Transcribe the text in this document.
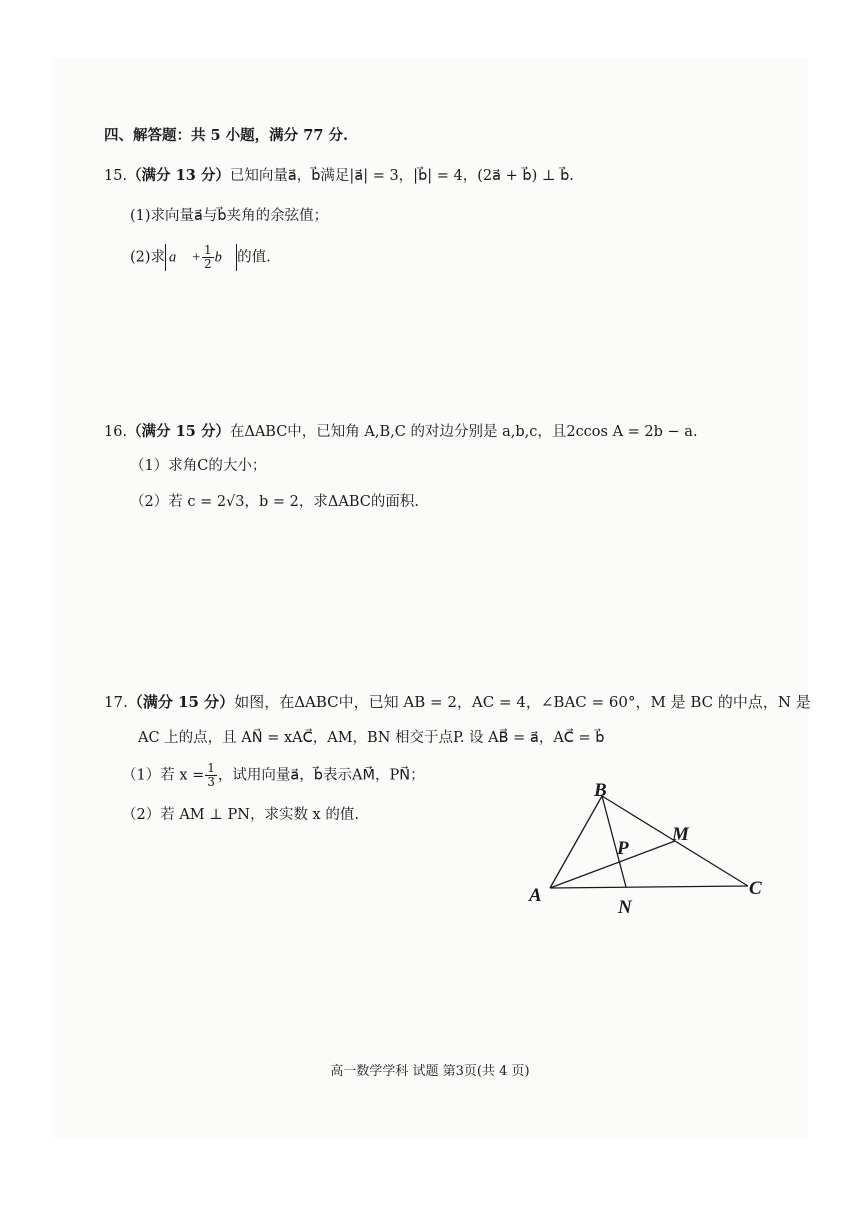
四、解答题：共 5 小题，满分 77 分.
15.（满分 13 分）已知向量a⃗，b⃗满足|a⃗| = 3，|b⃗| = 4，(2a⃗ + b⃗) ⊥ b⃗.
(1)求向量a⃗与b⃗夹角的余弦值；
(2)求 a⃗ + $\frac{1}{2}$ b⃗ 的值.
16.（满分 15 分）在ΔABC中，已知角 A,B,C 的对边分别是 a,b,c，且2ccos A = 2b − a.
（1）求角C的大小；
（2）若 c = 2√3，b = 2，求ΔABC的面积.
17.（满分 15 分）如图，在ΔABC中，已知 AB = 2，AC = 4，∠BAC = 60°，M 是 BC 的中点，N 是
AC 上的点，且 AN⃗ = xAC⃗，AM，BN 相交于点P. 设 AB⃗ = a⃗，AC⃗ = b⃗
（1）若 $x = \frac{1}{3}$ ，试用向量a⃗，b⃗表示AM⃗，PN⃗；
（2）若 AM ⊥ PN，求实数 x 的值.
B
M
P
A	C
N
高一数学学科 试题 第3页(共 4 页)
